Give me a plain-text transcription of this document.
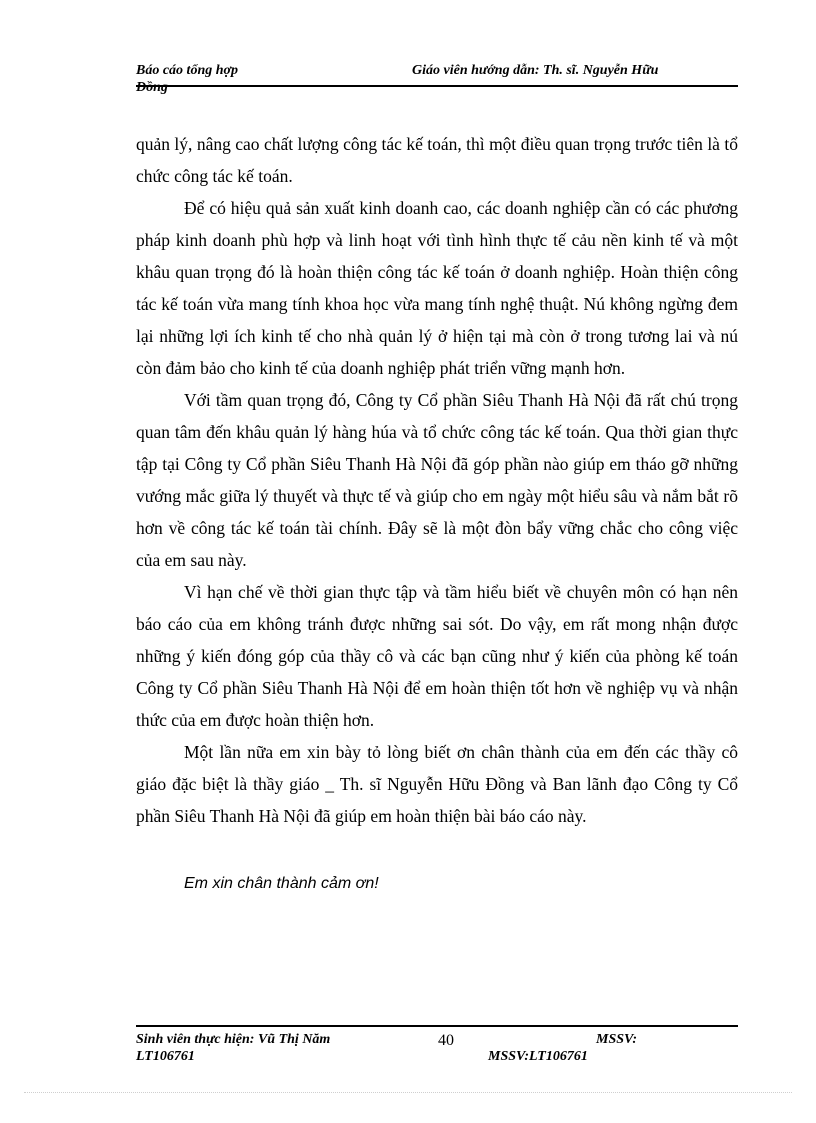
Báo cáo tổng hợp
Đồng
Giáo viên hướng dẫn: Th. sĩ. Nguyễn Hữu

quản lý, nâng cao chất lượng công tác kế toán, thì một điều quan trọng trước tiên là tổ chức công tác kế toán.

Để có hiệu quả sản xuất kinh doanh cao, các doanh nghiệp cần có các phương pháp kinh doanh phù hợp và linh hoạt với tình hình thực tế cảu nền kinh tế và một khâu quan trọng đó là hoàn thiện công tác kế toán ở doanh nghiệp. Hoàn thiện công tác kế toán vừa mang tính khoa học vừa mang tính nghệ thuật. Nú không ngừng đem lại những lợi ích kinh tế cho nhà quản lý ở hiện tại mà còn ở trong tương lai và nú còn đảm bảo cho kinh tế của doanh nghiệp phát triển vững mạnh hơn.

Với tầm quan trọng đó, Công ty Cổ phần Siêu Thanh Hà Nội đã rất chú trọng quan tâm đến khâu quản lý hàng húa và tổ chức công tác kế toán. Qua thời gian thực tập tại Công ty Cổ phần Siêu Thanh Hà Nội đã góp phần nào giúp em tháo gỡ những vướng mắc giữa lý thuyết và thực tế và giúp cho em ngày một hiểu sâu và nắm bắt rõ hơn về công tác kế toán tài chính. Đây sẽ là một đòn bẩy vững chắc cho công việc của em sau này.

Vì hạn chế về thời gian thực tập và tầm hiểu biết về chuyên môn có hạn nên báo cáo của em không tránh được những sai sót. Do vậy, em rất mong nhận được những ý kiến đóng góp của thầy cô và các bạn cũng như ý kiến của phòng kế toán Công ty Cổ phần Siêu Thanh Hà Nội để em hoàn thiện tốt hơn về nghiệp vụ và nhận thức của em được hoàn thiện hơn.

Một lần nữa em xin bày tỏ lòng biết ơn chân thành của em đến các thầy cô giáo đặc biệt là thầy giáo _ Th. sĩ Nguyễn Hữu Đồng và Ban lãnh đạo Công ty Cổ phần Siêu Thanh Hà Nội đã giúp em hoàn thiện bài báo cáo này.

Em xin chân thành cảm ơn!
Sinh viên thực hiện: Vũ Thị Năm
LT106761
40	MSSV:
MSSV:LT106761
